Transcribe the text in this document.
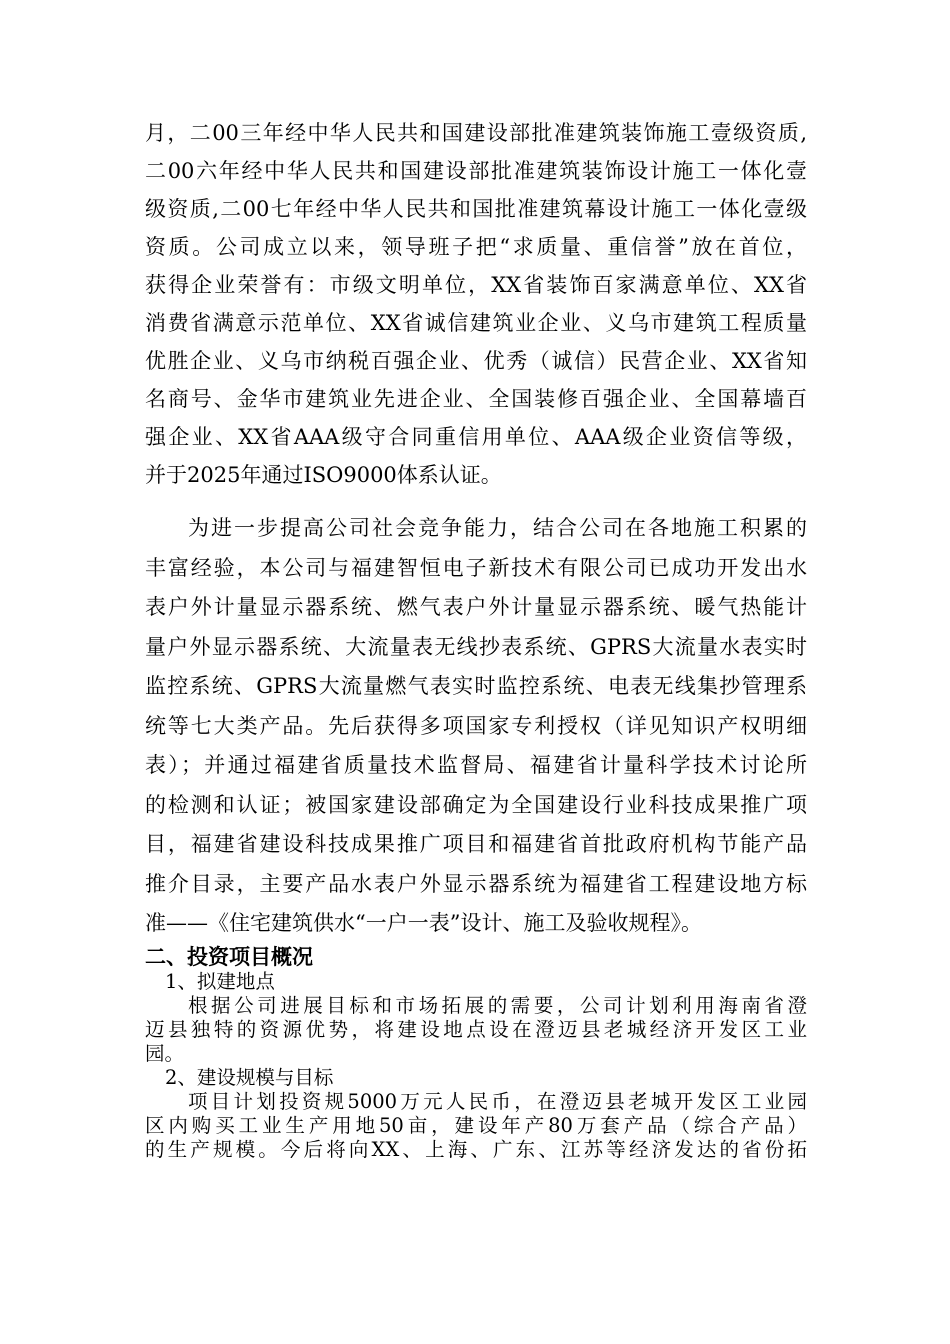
月，二00三年经中华人民共和国建设部批准建筑装饰施工壹级资质,
二00六年经中华人民共和国建设部批准建筑装饰设计施工一体化壹
级资质,二00七年经中华人民共和国批准建筑幕设计施工一体化壹级
资质。公司成立以来，领导班子把“求质量、重信誉”放在首位，
获得企业荣誉有：市级文明单位，XX省装饰百家满意单位、XX省
消费省满意示范单位、XX省诚信建筑业企业、义乌市建筑工程质量
优胜企业、义乌市纳税百强企业、优秀（诚信）民营企业、XX省知
名商号、金华市建筑业先进企业、全国装修百强企业、全国幕墙百
强企业、XX省AAA级守合同重信用单位、AAA级企业资信等级，
并于2025年通过ISO9000体系认证。
为进一步提高公司社会竞争能力，结合公司在各地施工积累的
丰富经验，本公司与福建智恒电子新技术有限公司已成功开发出水
表户外计量显示器系统、燃气表户外计量显示器系统、暖气热能计
量户外显示器系统、大流量表无线抄表系统、GPRS大流量水表实时
监控系统、GPRS大流量燃气表实时监控系统、电表无线集抄管理系
统等七大类产品。先后获得多项国家专利授权（详见知识产权明细
表）；并通过福建省质量技术监督局、福建省计量科学技术讨论所
的检测和认证；被国家建设部确定为全国建设行业科技成果推广项
目，福建省建设科技成果推广项目和福建省首批政府机构节能产品
推介目录，主要产品水表户外显示器系统为福建省工程建设地方标
准——《住宅建筑供水“一户一表”设计、施工及验收规程》。
二、投资项目概况
1、拟建地点
根据公司进展目标和市场拓展的需要，公司计划利用海南省澄
迈县独特的资源优势，将建设地点设在澄迈县老城经济开发区工业
园。
2、建设规模与目标
项目计划投资规5000万元人民币，在澄迈县老城开发区工业园
区内购买工业生产用地50亩，建设年产80万套产品（综合产品）
的生产规模。今后将向XX、上海、广东、江苏等经济发达的省份拓
